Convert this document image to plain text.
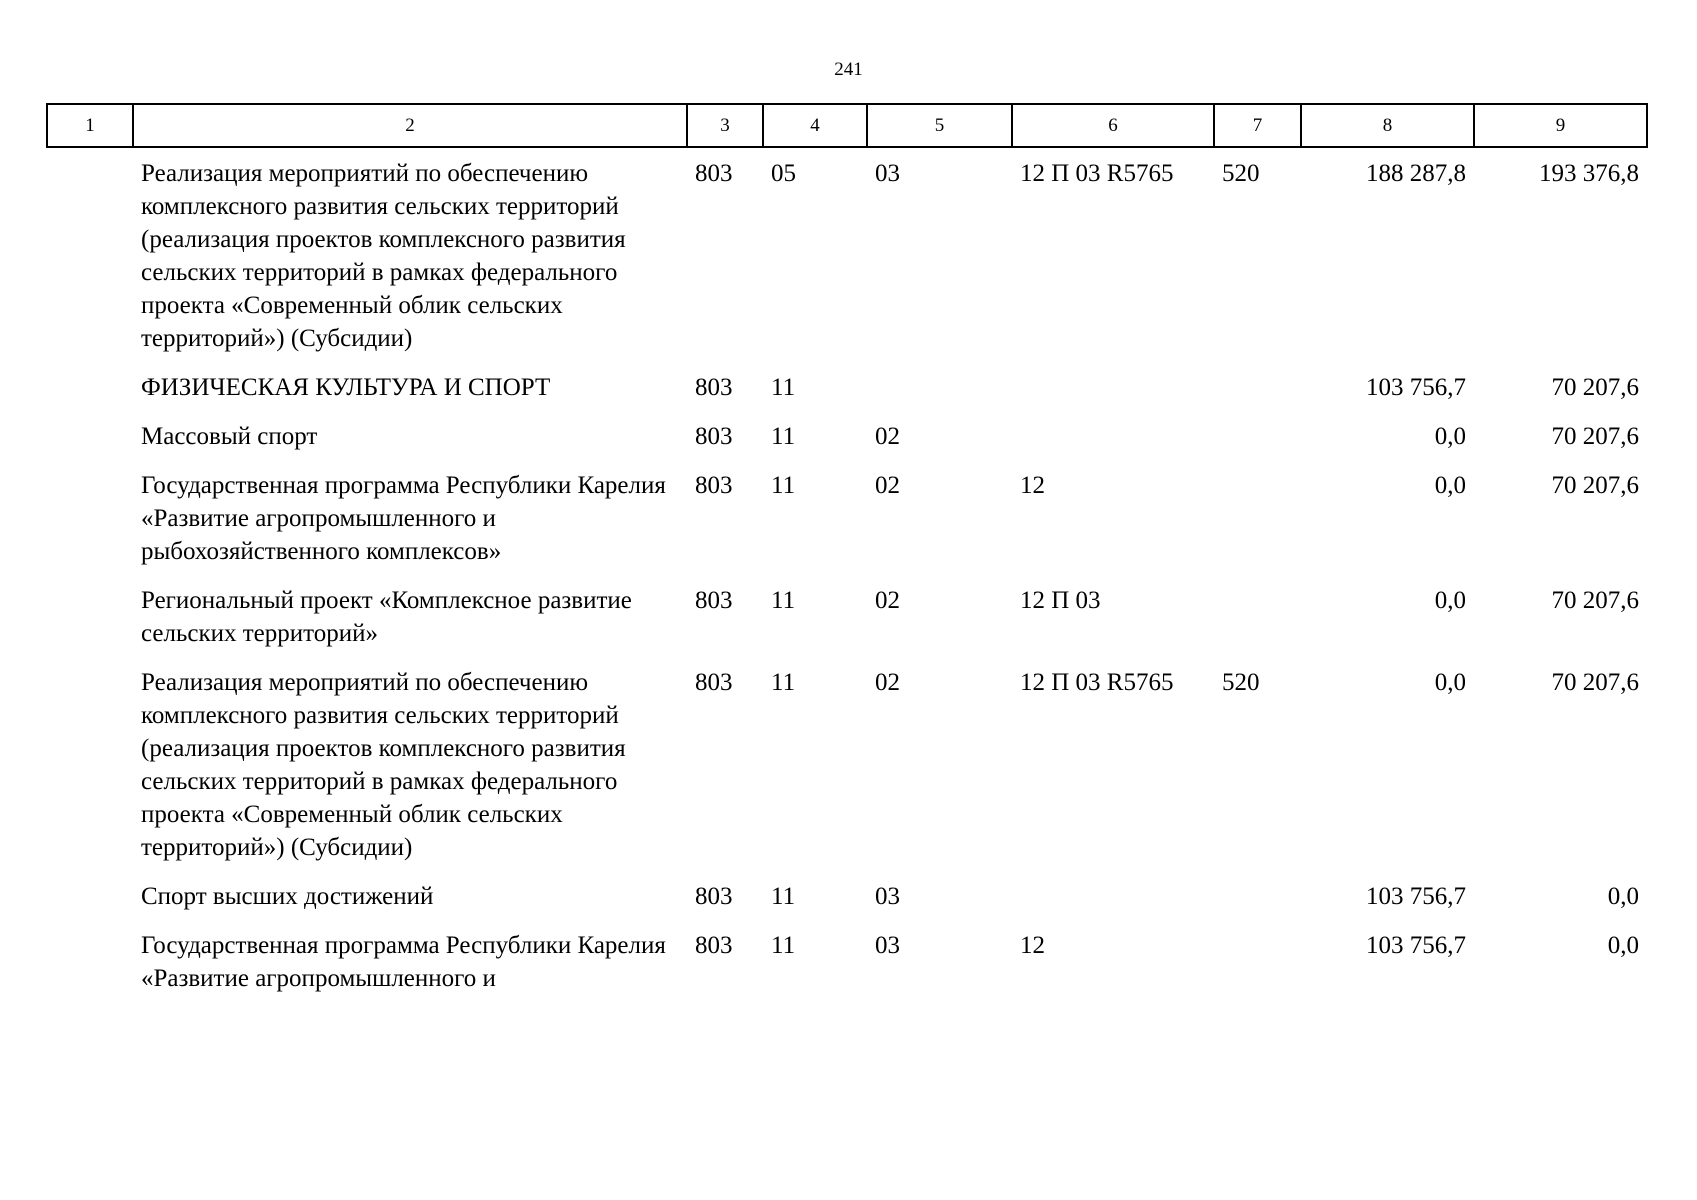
241
1	2	3	4	5	6	7	8	9
	Реализация мероприятий по обеспечению комплексного развития сельских территорий (реализация проектов комплексного развития сельских территорий в рамках федерального проекта «Современный облик сельских территорий») (Субсидии)	803	05	03	12 П 03 R5765	520	188 287,8	193 376,8
	ФИЗИЧЕСКАЯ КУЛЬТУРА И СПОРТ	803	11				103 756,7	70 207,6
	Массовый спорт	803	11	02			0,0	70 207,6
	Государственная программа Республики Карелия «Развитие агропромышленного и рыбохозяйственного комплексов»	803	11	02	12		0,0	70 207,6
	Региональный проект «Комплексное развитие сельских территорий»	803	11	02	12 П 03		0,0	70 207,6
	Реализация мероприятий по обеспечению комплексного развития сельских территорий (реализация проектов комплексного развития сельских территорий в рамках федерального проекта «Современный облик сельских территорий») (Субсидии)	803	11	02	12 П 03 R5765	520	0,0	70 207,6
	Спорт высших достижений	803	11	03			103 756,7	0,0
	Государственная программа Республики Карелия «Развитие агропромышленного и	803	11	03	12		103 756,7	0,0
